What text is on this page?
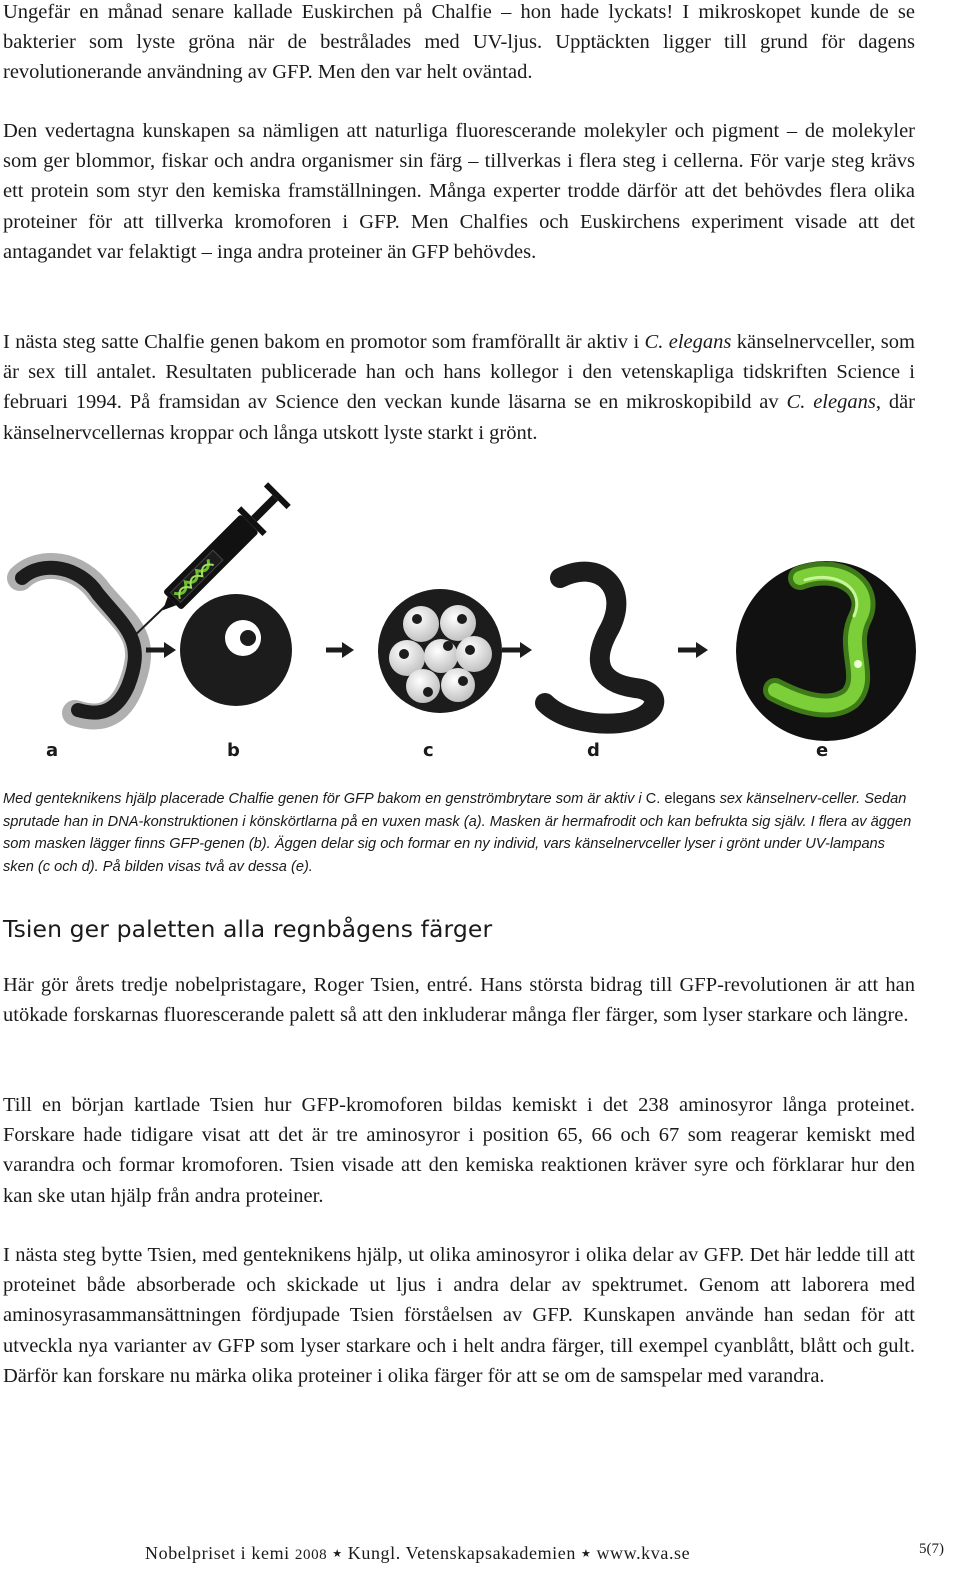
Ungefär en månad senare kallade Euskirchen på Chalfie – hon hade lyckats! I mikroskopet kunde de se bakterier som lyste gröna när de bestrålades med UV-ljus. Upptäckten ligger till grund för dagens revolutionerande användning av GFP. Men den var helt oväntad.

Den vedertagna kunskapen sa nämligen att naturliga fluorescerande molekyler och pigment – de molekyler som ger blommor, fiskar och andra organismer sin färg – tillverkas i flera steg i cellerna. För varje steg krävs ett protein som styr den kemiska framställningen. Många experter trodde därför att det behövdes flera olika proteiner för att tillverka kromoforen i GFP. Men Chalfies och Euskirchens experiment visade att det antagandet var felaktigt – inga andra proteiner än GFP behövdes.

I nästa steg satte Chalfie genen bakom en promotor som framförallt är aktiv i C. elegans känselnervceller, som är sex till antalet. Resultaten publicerade han och hans kollegor i den vetenskapliga tidskriften Science i februari 1994. På framsidan av Science den veckan kunde läsarna se en mikroskopibild av C. elegans, där känselnervcellernas kroppar och långa utskott lyste starkt i grönt.

a	b	c	d	e

Med genteknikens hjälp placerade Chalfie genen för GFP bakom en genströmbrytare som är aktiv i C. elegans sex känselnerv-celler. Sedan sprutade han in DNA-konstruktionen i könskörtlarna på en vuxen mask (a). Masken är hermafrodit och kan befrukta sig själv. I flera av äggen som masken lägger finns GFP-genen (b). Äggen delar sig och formar en ny individ, vars känselnervceller lyser i grönt under UV-lampans sken (c och d). På bilden visas två av dessa (e).

Tsien ger paletten alla regnbågens färger

Här gör årets tredje nobelpristagare, Roger Tsien, entré. Hans största bidrag till GFP-revolutionen är att han utökade forskarnas fluorescerande palett så att den inkluderar många fler färger, som lyser starkare och längre.

Till en början kartlade Tsien hur GFP-kromoforen bildas kemiskt i det 238 aminosyror långa proteinet. Forskare hade tidigare visat att det är tre aminosyror i position 65, 66 och 67 som reagerar kemiskt med varandra och formar kromoforen. Tsien visade att den kemiska reaktionen kräver syre och förklarar hur den kan ske utan hjälp från andra proteiner.

I nästa steg bytte Tsien, med genteknikens hjälp, ut olika aminosyror i olika delar av GFP. Det här ledde till att proteinet både absorberade och skickade ut ljus i andra delar av spektrumet. Genom att laborera med aminosyrasammansättningen fördjupade Tsien förståelsen av GFP. Kunskapen använde han sedan för att utveckla nya varianter av GFP som lyser starkare och i helt andra färger, till exempel cyanblått, blått och gult. Därför kan forskare nu märka olika proteiner i olika färger för att se om de samspelar med varandra.

Nobelpriset i kemi 2008 ★ Kungl. Vetenskapsakademien ★ www.kva.se	5(7)
